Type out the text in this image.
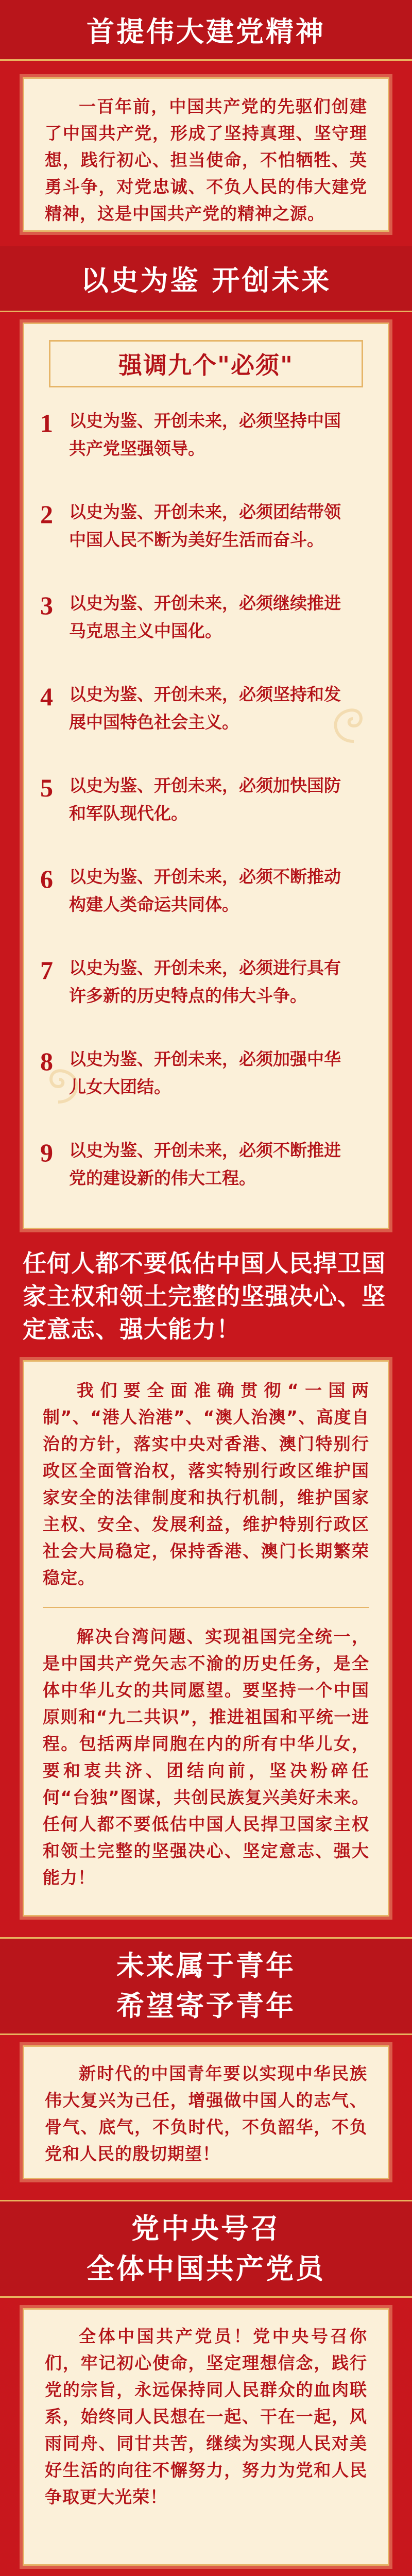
首提伟大建党精神

一百年前，中国共产党的先驱们创建了中国共产党，形成了坚持真理、坚守理想，践行初心、担当使命，不怕牺牲、英勇斗争，对党忠诚、不负人民的伟大建党精神，这是中国共产党的精神之源。

以史为鉴 开创未来
强调九个"必须"
1 以史为鉴、开创未来，必须坚持中国共产党坚强领导。
2 以史为鉴、开创未来，必须团结带领中国人民不断为美好生活而奋斗。
3 以史为鉴、开创未来，必须继续推进马克思主义中国化。
4 以史为鉴、开创未来，必须坚持和发展中国特色社会主义。
5 以史为鉴、开创未来，必须加快国防和军队现代化。
6 以史为鉴、开创未来，必须不断推动构建人类命运共同体。
7 以史为鉴、开创未来，必须进行具有许多新的历史特点的伟大斗争。
8 以史为鉴、开创未来，必须加强中华儿女大团结。
9 以史为鉴、开创未来，必须不断推进党的建设新的伟大工程。
任何人都不要低估中国人民捍卫国家主权和领土完整的坚强决心、坚定意志、强大能力！

我们要全面准确贯彻“一国两制”、“港人治港”、“澳人治澳”、高度自治的方针，落实中央对香港、澳门特别行政区全面管治权，落实特别行政区维护国家安全的法律制度和执行机制，维护国家主权、安全、发展利益，维护特别行政区社会大局稳定，保持香港、澳门长期繁荣稳定。

解决台湾问题、实现祖国完全统一，是中国共产党矢志不渝的历史任务，是全体中华儿女的共同愿望。要坚持一个中国原则和“九二共识”，推进祖国和平统一进程。包括两岸同胞在内的所有中华儿女，要和衷共济、团结向前，坚决粉碎任何“台独”图谋，共创民族复兴美好未来。任何人都不要低估中国人民捍卫国家主权和领土完整的坚强决心、坚定意志、强大能力！

未来属于青年
希望寄予青年

新时代的中国青年要以实现中华民族伟大复兴为己任，增强做中国人的志气、骨气、底气，不负时代，不负韶华，不负党和人民的殷切期望！

党中央号召
全体中国共产党员

全体中国共产党员！党中央号召你们，牢记初心使命，坚定理想信念，践行党的宗旨，永远保持同人民群众的血肉联系，始终同人民想在一起、干在一起，风雨同舟、同甘共苦，继续为实现人民对美好生活的向往不懈努力，努力为党和人民争取更大光荣！
